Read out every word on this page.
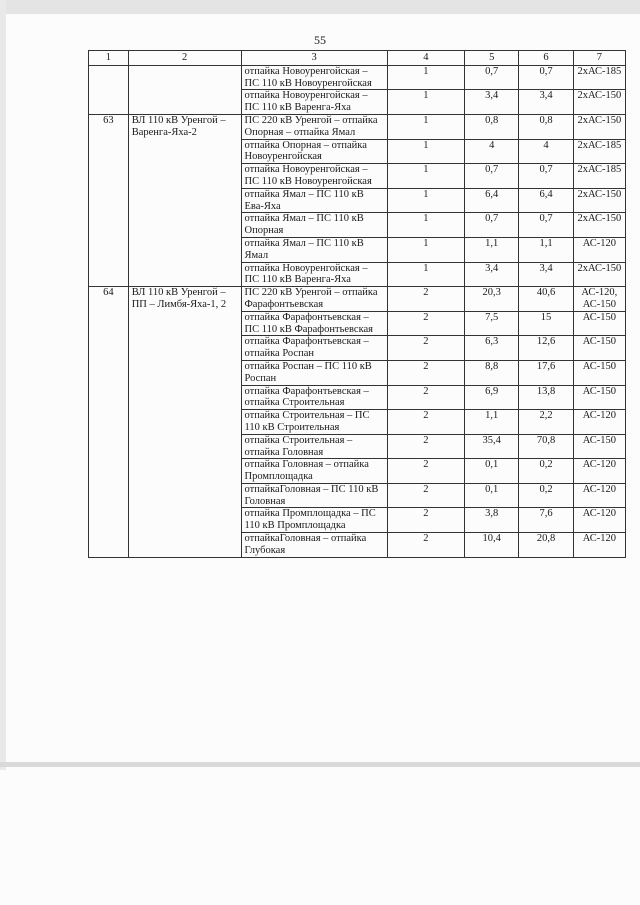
55
1	2	3	4	5	6	7
		отпайка Новоуренгойская – ПС 110 кВ Новоуренгойская	1	0,7	0,7	2хАС-185
		отпайка Новоуренгойская – ПС 110 кВ Варенга-Яха	1	3,4	3,4	2хАС-150
63	ВЛ 110 кВ Уренгой – Варенга-Яха-2	ПС 220 кВ Уренгой – отпайка Опорная – отпайка Ямал	1	0,8	0,8	2хАС-150
		отпайка Опорная – отпайка Новоуренгойская	1	4	4	2хАС-185
		отпайка Новоуренгойская – ПС 110 кВ Новоуренгойская	1	0,7	0,7	2хАС-185
		отпайка Ямал – ПС 110 кВ Ева-Яха	1	6,4	6,4	2хАС-150
		отпайка Ямал – ПС 110 кВ Опорная	1	0,7	0,7	2хАС-150
		отпайка Ямал – ПС 110 кВ Ямал	1	1,1	1,1	АС-120
		отпайка Новоуренгойская – ПС 110 кВ Варенга-Яха	1	3,4	3,4	2хАС-150
64	ВЛ 110 кВ Уренгой – ПП – Лимбя-Яха-1, 2	ПС 220 кВ Уренгой – отпайка Фарафонтьевская	2	20,3	40,6	АС-120, АС-150
		отпайка Фарафонтьевская – ПС 110 кВ Фарафонтьевская	2	7,5	15	АС-150
		отпайка Фарафонтьевская – отпайка Роспан	2	6,3	12,6	АС-150
		отпайка Роспан – ПС 110 кВ Роспан	2	8,8	17,6	АС-150
		отпайка Фарафонтьевская – отпайка Строительная	2	6,9	13,8	АС-150
		отпайка Строительная – ПС 110 кВ Строительная	2	1,1	2,2	АС-120
		отпайка Строительная – отпайка Головная	2	35,4	70,8	АС-150
		отпайка Головная – отпайка Промплощадка	2	0,1	0,2	АС-120
		отпайкаГоловная – ПС 110 кВ Головная	2	0,1	0,2	АС-120
		отпайка Промплощадка – ПС 110 кВ Промплощадка	2	3,8	7,6	АС-120
		отпайкаГоловная – отпайка Глубокая	2	10,4	20,8	АС-120
